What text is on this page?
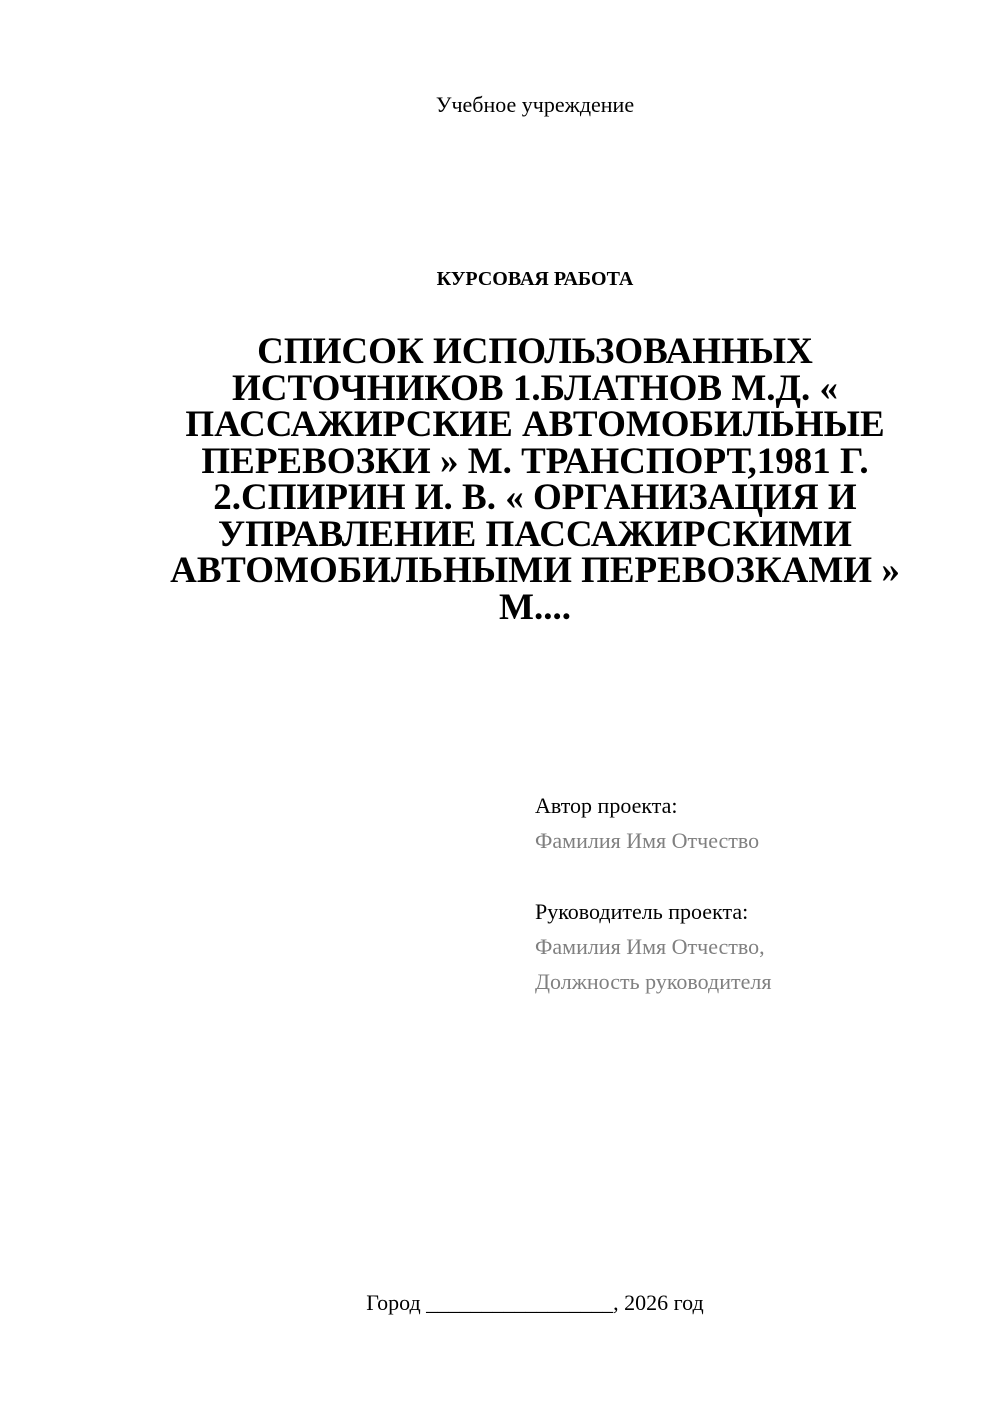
Учебное учреждение
КУРСОВАЯ РАБОТА
СПИСОК ИСПОЛЬЗОВАННЫХ ИСТОЧНИКОВ 1.БЛАТНОВ М.Д. « ПАССАЖИРСКИЕ АВТОМОБИЛЬНЫЕ ПЕРЕВОЗКИ » М. ТРАНСПОРТ,1981 Г. 2.СПИРИН И. В. « ОРГАНИЗАЦИЯ И УПРАВЛЕНИЕ ПАССАЖИРСКИМИ АВТОМОБИЛЬНЫМИ ПЕРЕВОЗКАМИ » М....
Автор проекта:
Фамилия Имя Отчество
Руководитель проекта:
Фамилия Имя Отчество,
Должность руководителя
Город _________________, 2026 год
